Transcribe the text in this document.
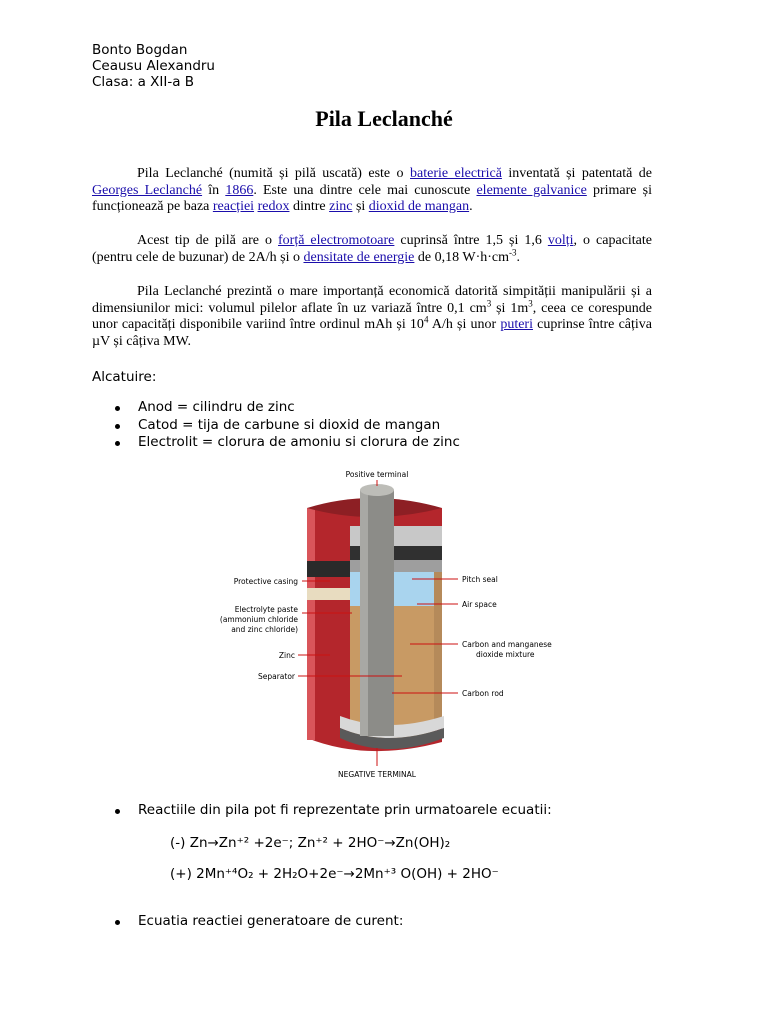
Bonto Bogdan
Ceausu Alexandru
Clasa: a XII-a B
Pila Leclanché

Pila Leclanché (numită și pilă uscată) este o baterie electrică inventată și patentată de Georges Leclanché în 1866. Este una dintre cele mai cunoscute elemente galvanice primare și funcționează pe baza reacției redox dintre zinc și dioxid de mangan.

Acest tip de pilă are o forță electromotoare cuprinsă între 1,5 și 1,6 volți, o capacitate (pentru cele de buzunar) de 2A/h și o densitate de energie de 0,18 $W\cdot h\cdot cm^{-3}$.

Pila Leclanché prezintă o mare importanță economică datorită simpității manipulării și a dimensiunilor mici: volumul pilelor aflate în uz variază între 0,1 $cm^3$ și $1m^3$, ceea ce corespunde unor capacități disponibile variind între ordinul mAh și $10^4$ A/h și unor puteri cuprinse între câțiva µV și câțiva MW.

Alcatuire:

Anod = cilindru de zinc
Catod = tija de carbune si dioxid de mangan
Electrolit = clorura de amoniu si clorura de zinc
Positive terminal
Protective casing
Electrolyte paste
(ammonium chloride
and zinc chloride)
Zinc
Separator
Pitch seal
Air space
Carbon and manganese
dioxide mixture
Carbon rod
NEGATIVE TERMINAL
Reactiile din pila pot fi reprezentate prin urmatoarele ecuatii:
(-) Zn→Zn⁺² +2e⁻; Zn⁺² + 2HO⁻→Zn(OH)₂
(+) 2Mn⁺⁴O₂ + 2H₂O+2e⁻→2Mn⁺³ O(OH) + 2HO⁻
Ecuatia reactiei generatoare de curent:
